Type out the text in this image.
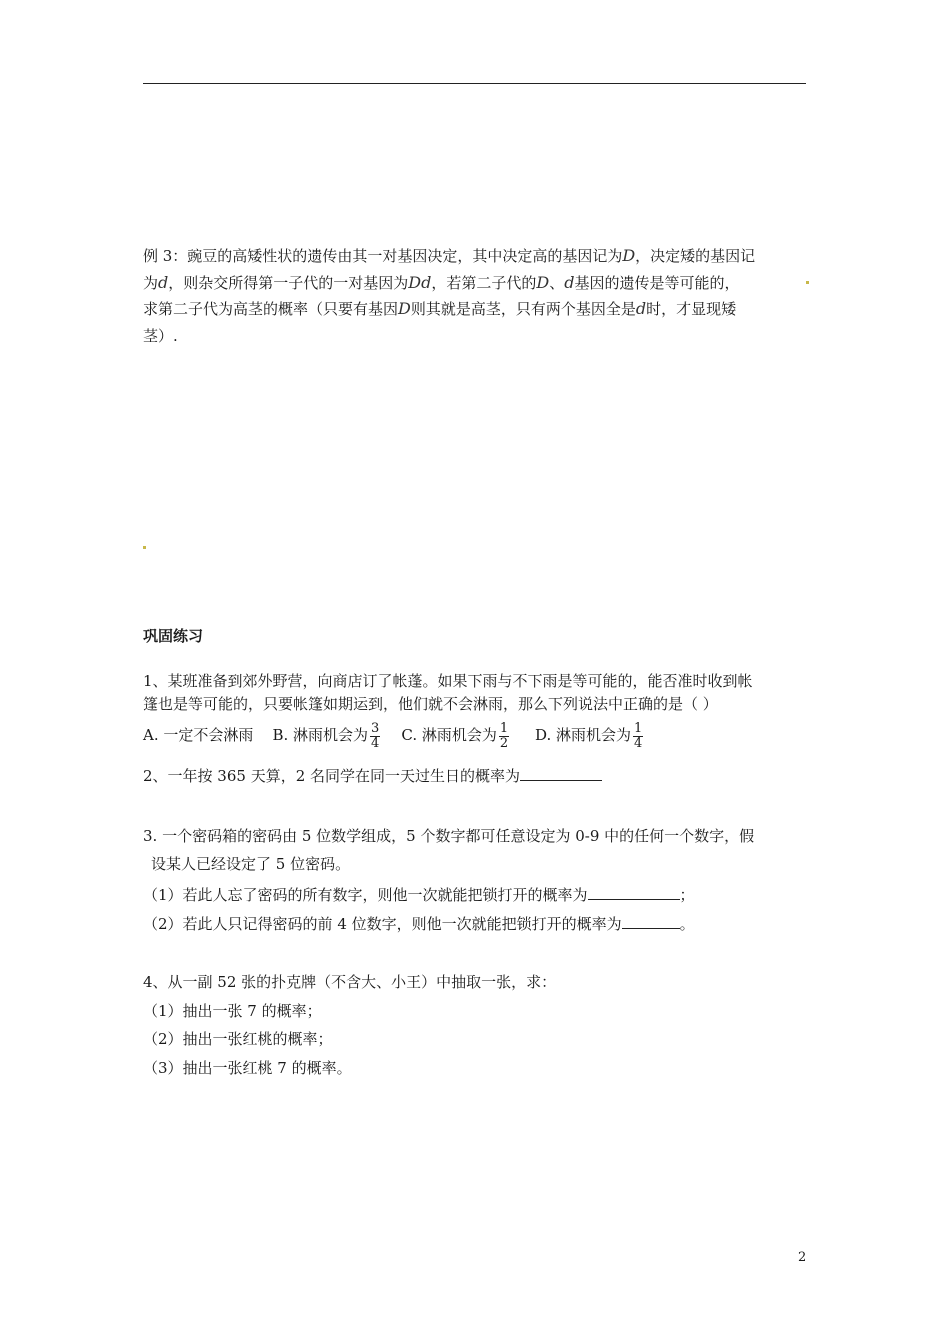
例 3：豌豆的高矮性状的遗传由其一对基因决定，其中决定高的基因记为D，决定矮的基因记
为d，则杂交所得第一子代的一对基因为Dd，若第二子代的D、d基因的遗传是等可能的，
求第二子代为高茎的概率（只要有基因D则其就是高茎，只有两个基因全是d时，才显现矮
茎）.
巩固练习
1、某班准备到郊外野营，向商店订了帐蓬。如果下雨与不下雨是等可能的，能否准时收到帐
篷也是等可能的，只要帐篷如期运到，他们就不会淋雨，那么下列说法中正确的是（ ）
A. 一定不会淋雨 B. 淋雨机会为 $\frac{3}{4} C$. 淋雨机会为 $\frac{1}{2} D$. 淋雨机会为 $\frac{1}{4}$
2、一年按 365 天算，2 名同学在同一天过生日的概率为
3. 一个密码箱的密码由 5 位数学组成，5 个数字都可任意设定为 0-9 中的任何一个数字，假
设某人已经设定了 5 位密码。
（1）若此人忘了密码的所有数字，则他一次就能把锁打开的概率为	；
（2）若此人只记得密码的前 4 位数字，则他一次就能把锁打开的概率为	。
4、从一副 52 张的扑克牌（不含大、小王）中抽取一张，求：
（1）抽出一张 7 的概率；
（2）抽出一张红桃的概率；
（3）抽出一张红桃 7 的概率。
2
